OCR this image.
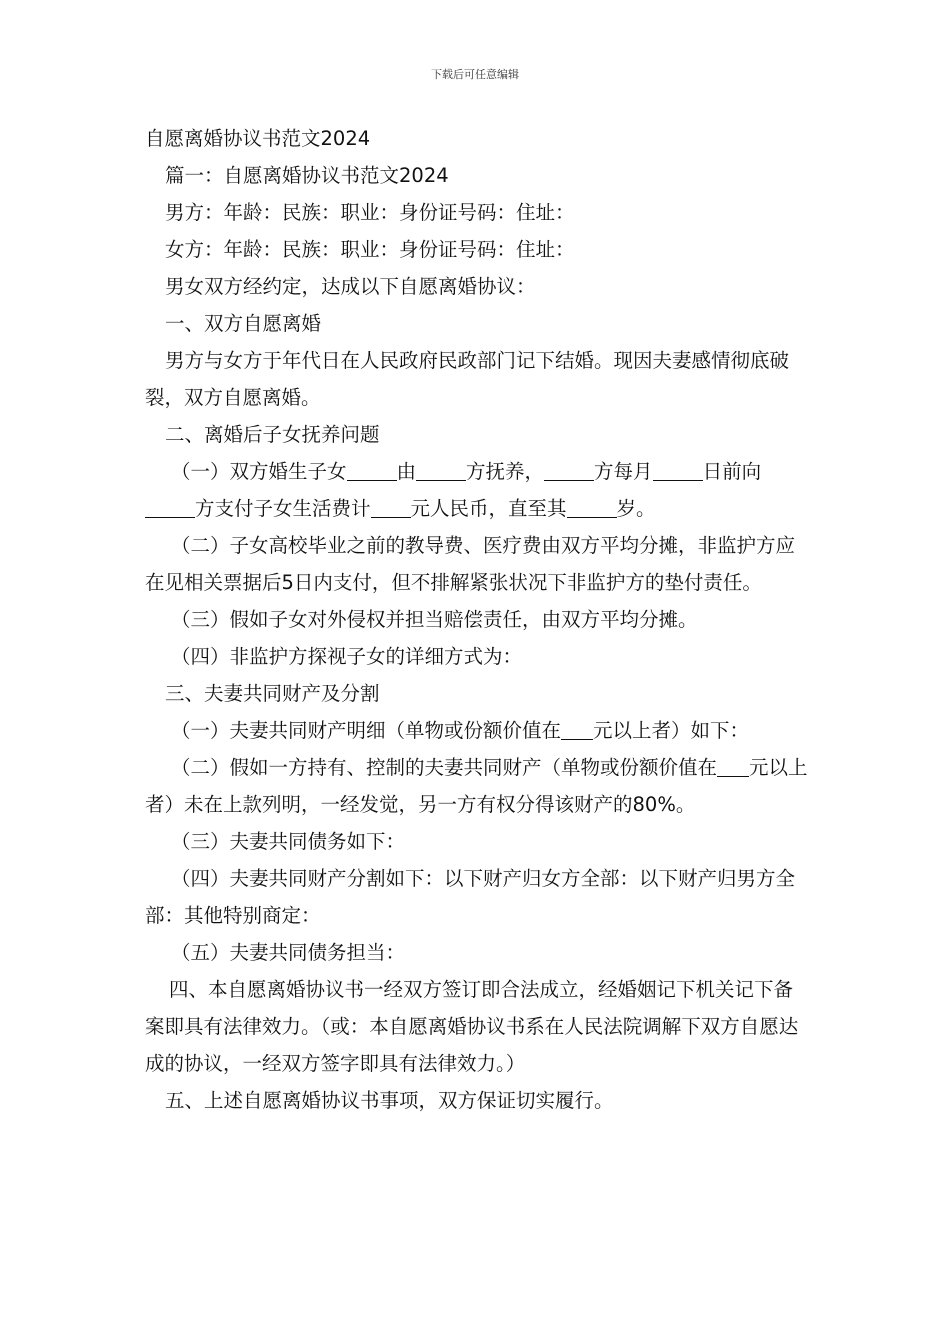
下载后可任意编辑

自愿离婚协议书范文2024

篇一：自愿离婚协议书范文2024

男方：年龄：民族：职业：身份证号码：住址：

女方：年龄：民族：职业：身份证号码：住址：

男女双方经约定，达成以下自愿离婚协议：

一、双方自愿离婚

男方与女方于年代日在人民政府民政部门记下结婚。现因夫妻感情彻底破裂，双方自愿离婚。

二、离婚后子女抚养问题

（一）双方婚生子女	由	方抚养，	方每月	日前向方支付子女生活费计 元人民币，直至其	岁。

（二）子女高校毕业之前的教导费、医疗费由双方平均分摊，非监护方应在见相关票据后5日内支付，但不排解紧张状况下非监护方的垫付责任。

（三）假如子女对外侵权并担当赔偿责任，由双方平均分摊。

（四）非监护方探视子女的详细方式为：

三、夫妻共同财产及分割

（一）夫妻共同财产明细（单物或份额价值在 元以上者）如下：

（二）假如一方持有、控制的夫妻共同财产（单物或份额价值在 元以上者）未在上款列明，一经发觉，另一方有权分得该财产的80%。

（三）夫妻共同债务如下：

（四）夫妻共同财产分割如下：以下财产归女方全部：以下财产归男方全部：其他特别商定：

（五）夫妻共同债务担当：

四、本自愿离婚协议书一经双方签订即合法成立，经婚姻记下机关记下备案即具有法律效力。（或：本自愿离婚协议书系在人民法院调解下双方自愿达成的协议，一经双方签字即具有法律效力。）

五、上述自愿离婚协议书事项，双方保证切实履行。
